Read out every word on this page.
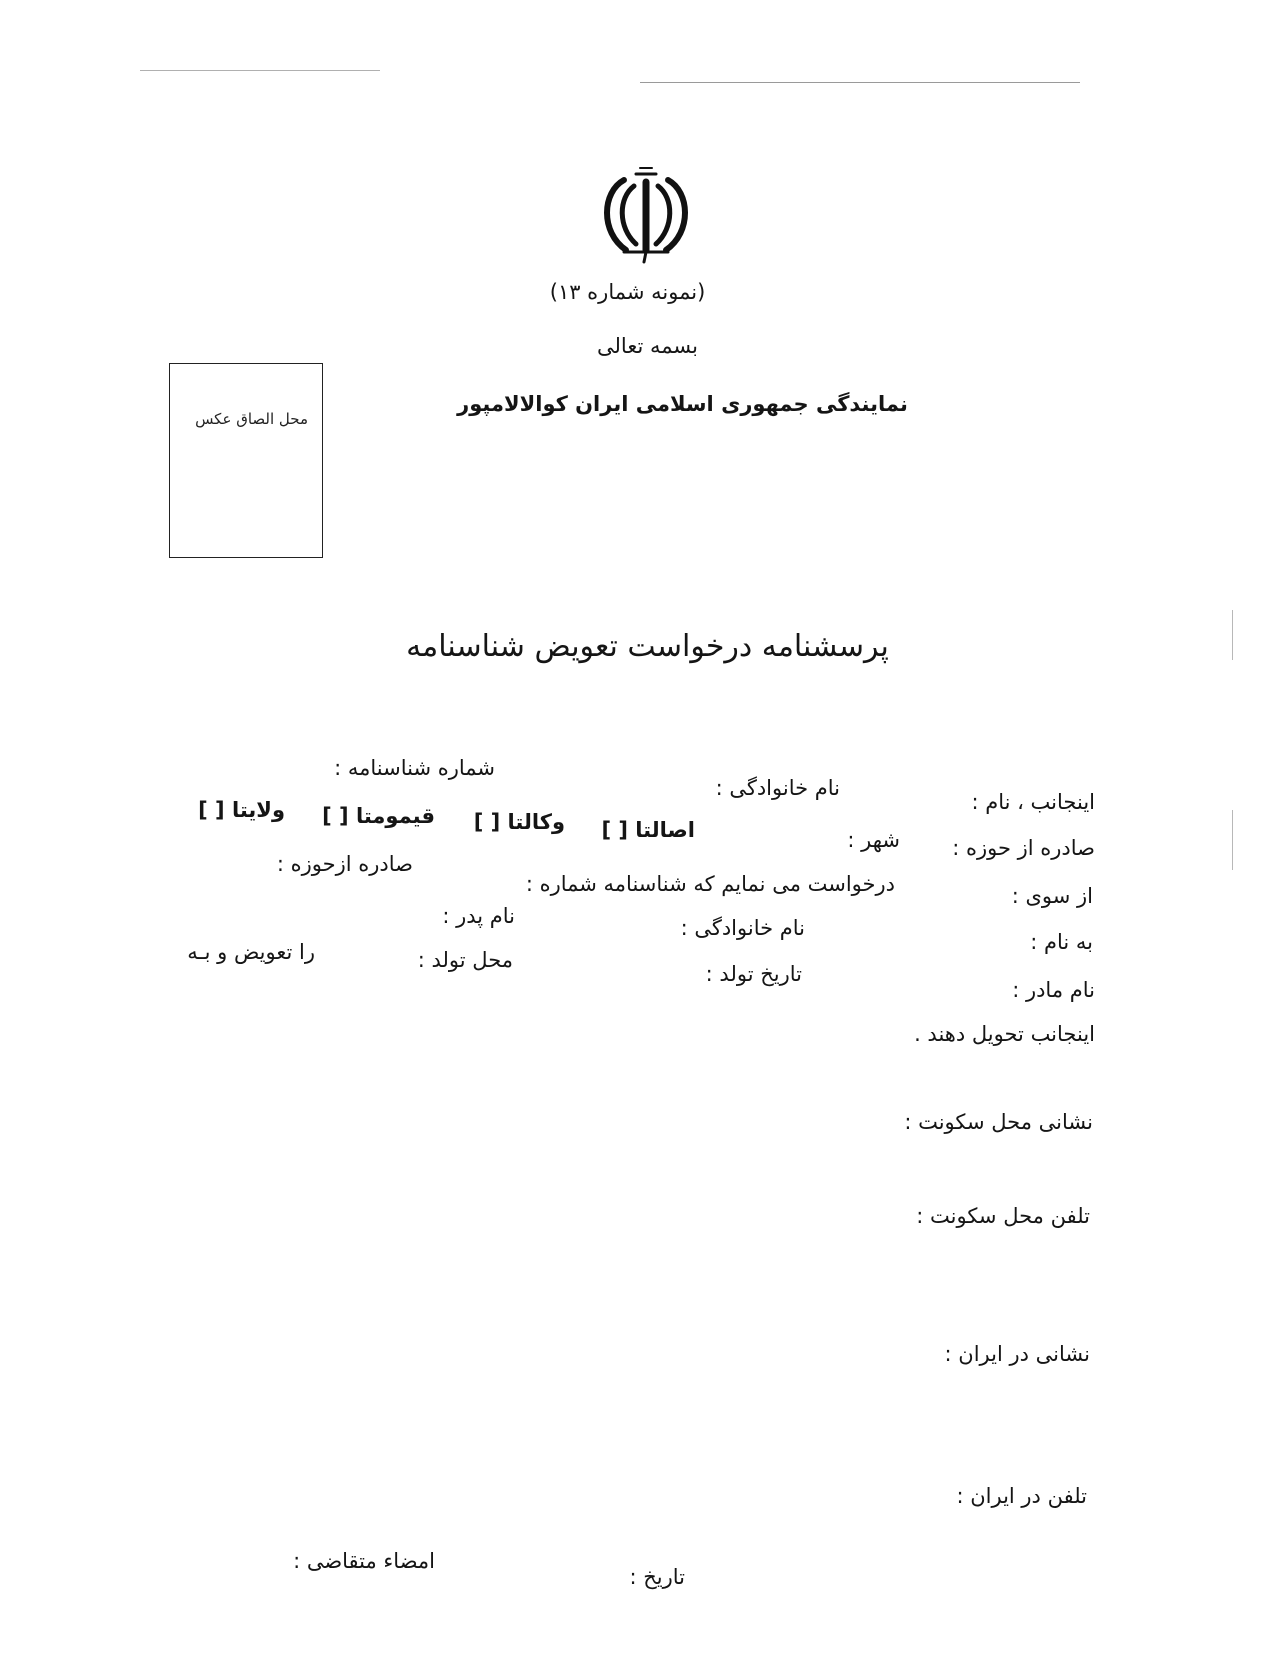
(نمونه شماره ۱۳)
بسمه تعالی
نمایندگی جمهوری اسلامی ایران کوالالامپور
محل الصاق عکس
پرسشنامه درخواست تعویض شناسنامه
اینجانب ، نام :
نام خانوادگی :
شماره شناسنامه :
صادره از حوزه :
شهر :
اصالتا [ ]
وکالتا [ ]
قیمومتا [ ]
ولایتا [ ]
از سوی :
درخواست می نمایم که شناسنامه شماره :
صادره ازحوزه :
به نام :
نام خانوادگی :
نام پدر :
نام مادر :
تاریخ تولد :
محل تولد :
را تعویض و بـه
اینجانب تحویل دهند .
نشانی محل سکونت :
تلفن محل سکونت :
نشانی در ایران :
تلفن در ایران :
امضاء متقاضی :
تاریخ :
